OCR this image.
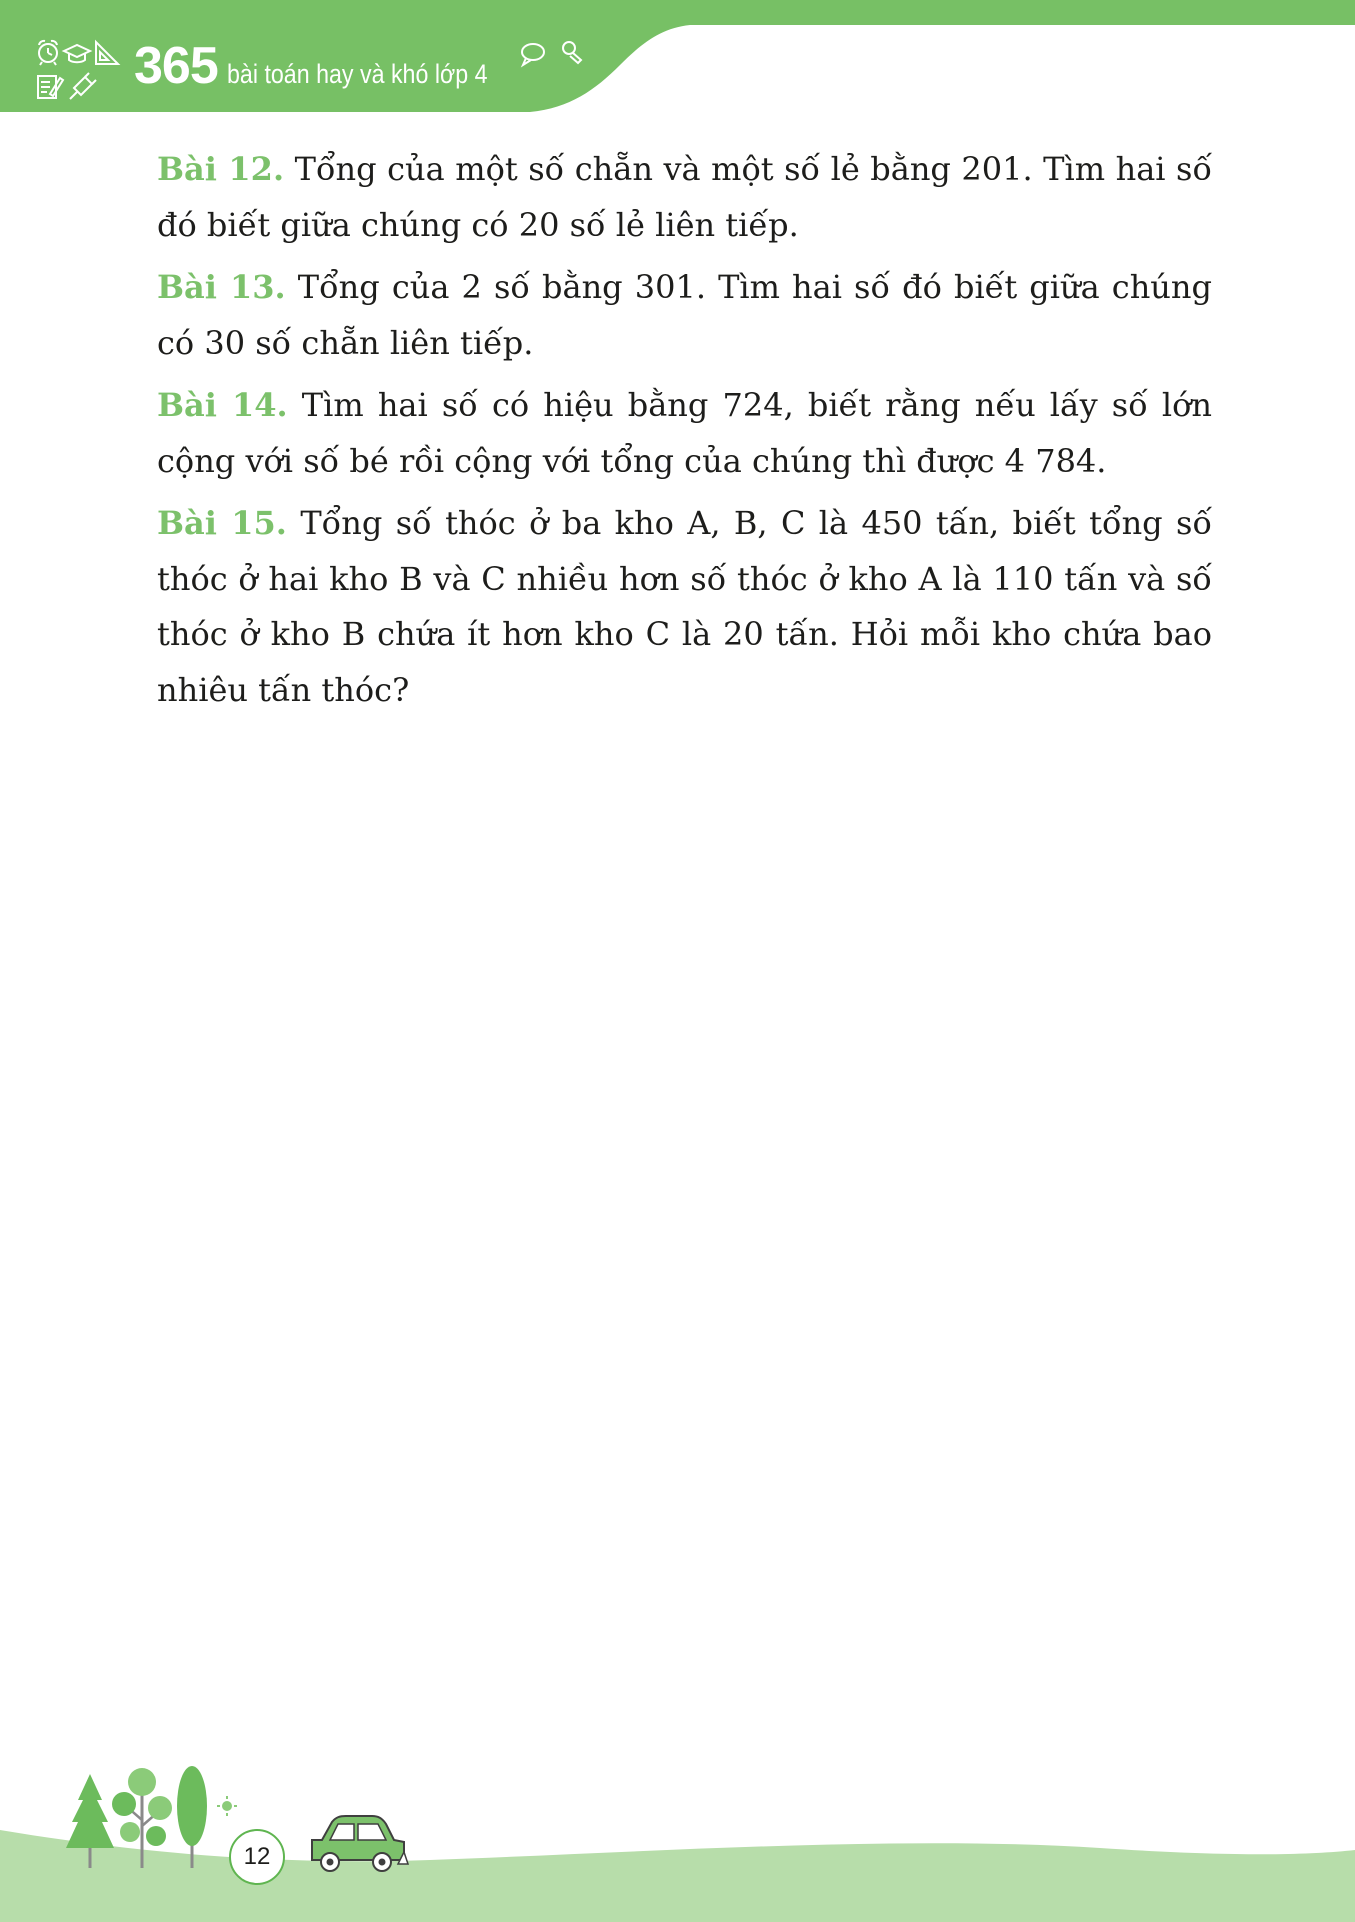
365 bài toán hay và khó lớp 4

Bài 12. Tổng của một số chẵn và một số lẻ bằng 201. Tìm hai số đó biết giữa chúng có 20 số lẻ liên tiếp.

Bài 13. Tổng của 2 số bằng 301. Tìm hai số đó biết giữa chúng có 30 số chẵn liên tiếp.

Bài 14. Tìm hai số có hiệu bằng 724, biết rằng nếu lấy số lớn cộng với số bé rồi cộng với tổng của chúng thì được 4 784.

Bài 15. Tổng số thóc ở ba kho A, B, C là 450 tấn, biết tổng số thóc ở hai kho B và C nhiều hơn số thóc ở kho A là 110 tấn và số thóc ở kho B chứa ít hơn kho C là 20 tấn. Hỏi mỗi kho chứa bao nhiêu tấn thóc?

12
